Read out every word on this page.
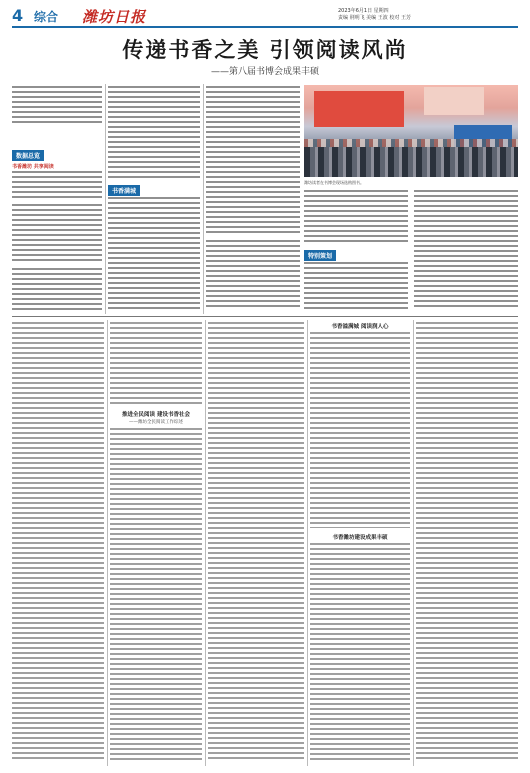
4 综合 潍坊日报	2023年6月1日 星期四
责编 荆明飞 美编 王波 校对 王芳
传递书香之美 引领阅读风尚
——第八届书博会成果丰硕
数据总览
书香潍坊 共享阅读
书香满城
潍坊读者在书博会现场选购图书。
特别策划
推进全民阅读 建设书香社会
——潍坊全民阅读工作综述
书香溢满城 阅读润人心
书香潍坊建设成果丰硕
